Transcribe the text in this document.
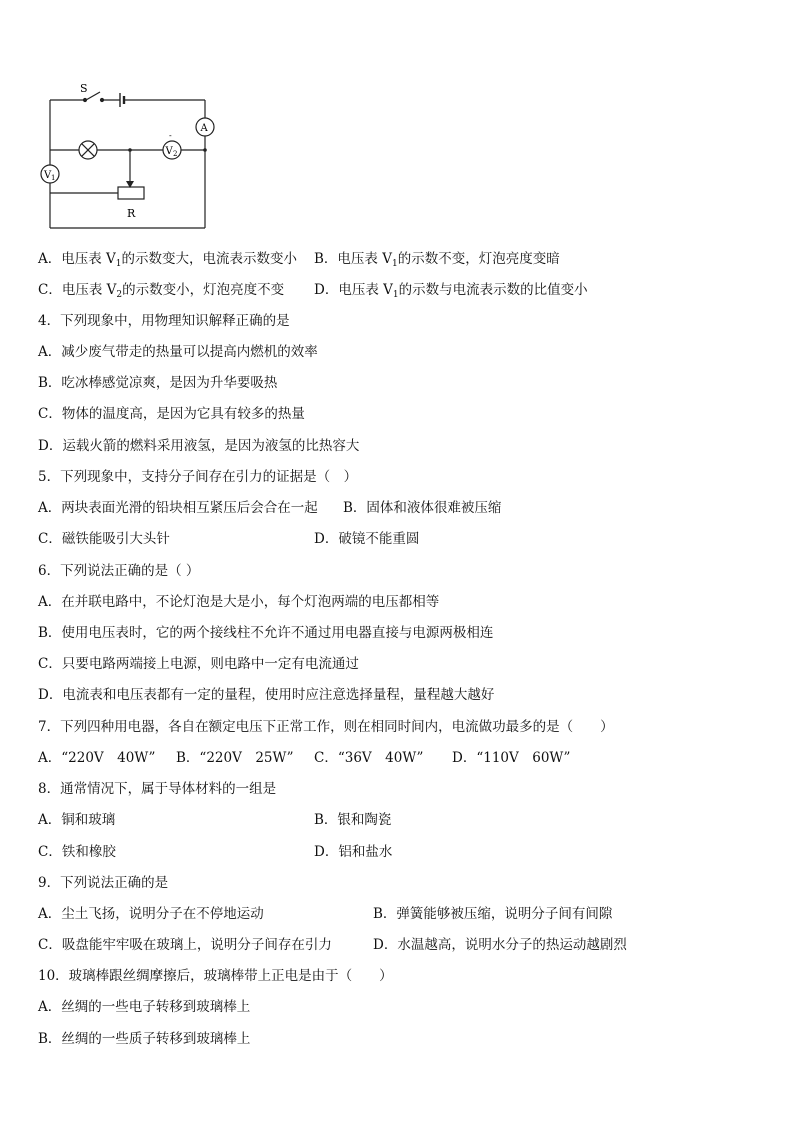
S
A
V 1
V 2
-
R
A．电压表 $V_1$的示数变大，电流表示数变小 B．电压表 $V_1$的示数不变，灯泡亮度变暗
C．电压表 $V_2$的示数变小，灯泡亮度不变 D．电压表 $V_1$的示数与电流表示数的比值变小
4．下列现象中，用物理知识解释正确的是
A．减少废气带走的热量可以提高内燃机的效率
B．吃冰棒感觉凉爽，是因为升华要吸热
C．物体的温度高，是因为它具有较多的热量
D．运载火箭的燃料采用液氢，是因为液氢的比热容大
5．下列现象中，支持分子间存在引力的证据是（　）
A．两块表面光滑的铅块相互紧压后会合在一起 B．固体和液体很难被压缩
C．磁铁能吸引大头针	D．破镜不能重圆
6．下列说法正确的是（ ）
A．在并联电路中，不论灯泡是大是小，每个灯泡两端的电压都相等
B．使用电压表时，它的两个接线柱不允许不通过用电器直接与电源两极相连
C．只要电路两端接上电源，则电路中一定有电流通过
D．电流表和电压表都有一定的量程，使用时应注意选择量程，量程越大越好
7．下列四种用电器，各自在额定电压下正常工作，则在相同时间内，电流做功最多的是（　　）
A．“220V　40W” B．“220V　25W” C．“36V　40W” D．“110V　60W”
8．通常情况下，属于导体材料的一组是
A．铜和玻璃	B．银和陶瓷
C．铁和橡胶	D．铝和盐水
9．下列说法正确的是
A．尘土飞扬，说明分子在不停地运动	B．弹簧能够被压缩，说明分子间有间隙
C．吸盘能牢牢吸在玻璃上，说明分子间存在引力	D．水温越高，说明水分子的热运动越剧烈
10．玻璃棒跟丝绸摩擦后，玻璃棒带上正电是由于（　　）
A．丝绸的一些电子转移到玻璃棒上
B．丝绸的一些质子转移到玻璃棒上
